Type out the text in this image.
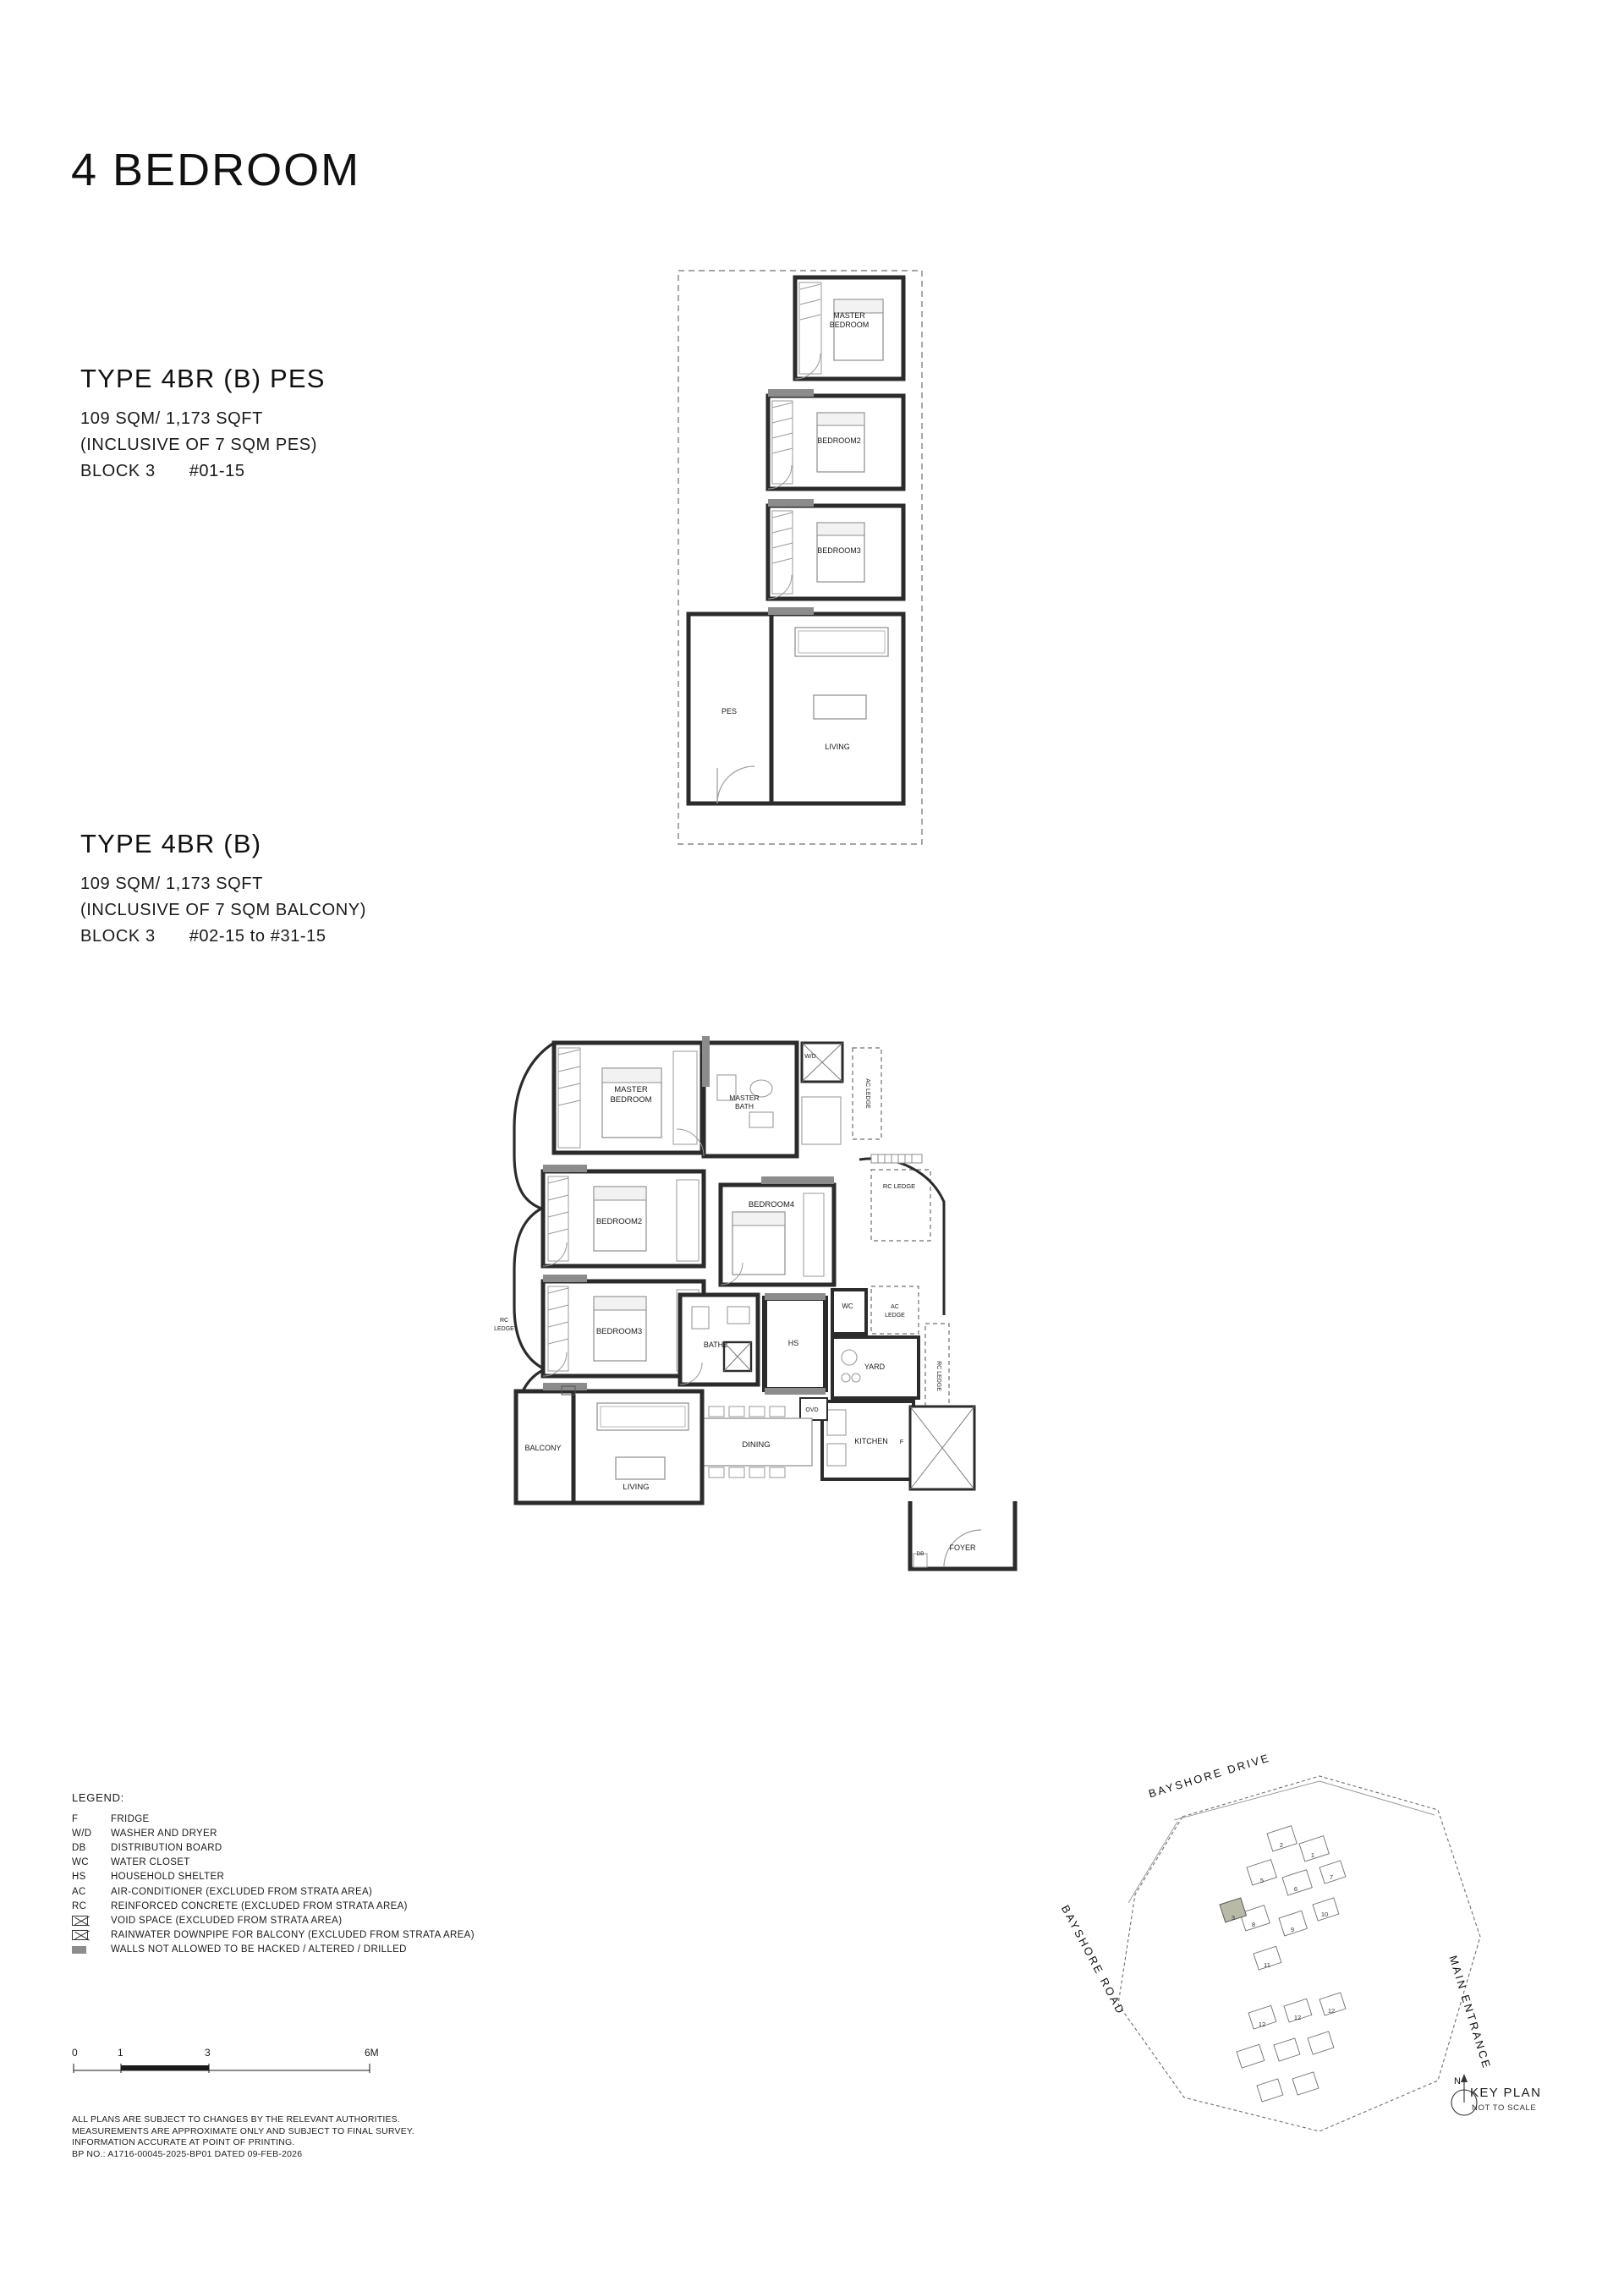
4 BEDROOM
TYPE 4BR (B) PES
109 SQM/ 1,173 SQFT
(INCLUSIVE OF 7 SQM PES)
BLOCK 3 #01-15
TYPE 4BR (B)
109 SQM/ 1,173 SQFT
(INCLUSIVE OF 7 SQM BALCONY)
BLOCK 3 #02-15 to #31-15
MASTER
BEDROOM
BEDROOM2
BEDROOM3
PES
LIVING
MASTER
BEDROOM	MASTER
BATH
BEDROOM2
BEDROOM3
BEDROOM4
BATH2	HS
WC
YARD
KITCHEN
DINING
LIVING
BALCONY
FOYER
F
OVD
DB
RC LEDGE
AC
LEDGE
RC LEDGE
AC LEDGE
RC
LEDGE
W/D
LEGEND:
F	FRIDGE
W/D	WASHER AND DRYER
DB	DISTRIBUTION BOARD
WC	WATER CLOSET
HS	HOUSEHOLD SHELTER
AC	AIR-CONDITIONER (EXCLUDED FROM STRATA AREA)
RC	REINFORCED CONCRETE (EXCLUDED FROM STRATA AREA)
	VOID SPACE (EXCLUDED FROM STRATA AREA)
	RAINWATER DOWNPIPE FOR BALCONY (EXCLUDED FROM STRATA AREA)
	WALLS NOT ALLOWED TO BE HACKED / ALTERED / DRILLED
0	1	3	6M
ALL PLANS ARE SUBJECT TO CHANGES BY THE RELEVANT AUTHORITIES.
MEASUREMENTS ARE APPROXIMATE ONLY AND SUBJECT TO FINAL SURVEY.
INFORMATION ACCURATE AT POINT OF PRINTING.
BP NO.: A1716-00045-2025-BP01 DATED 09-FEB-2026
2
1
5
6
7
3
8
9
10
11
12
12
12
BAYSHORE DRIVE
BAYSHORE ROAD	MAIN ENTRANCE
N
KEY PLAN
NOT TO SCALE
